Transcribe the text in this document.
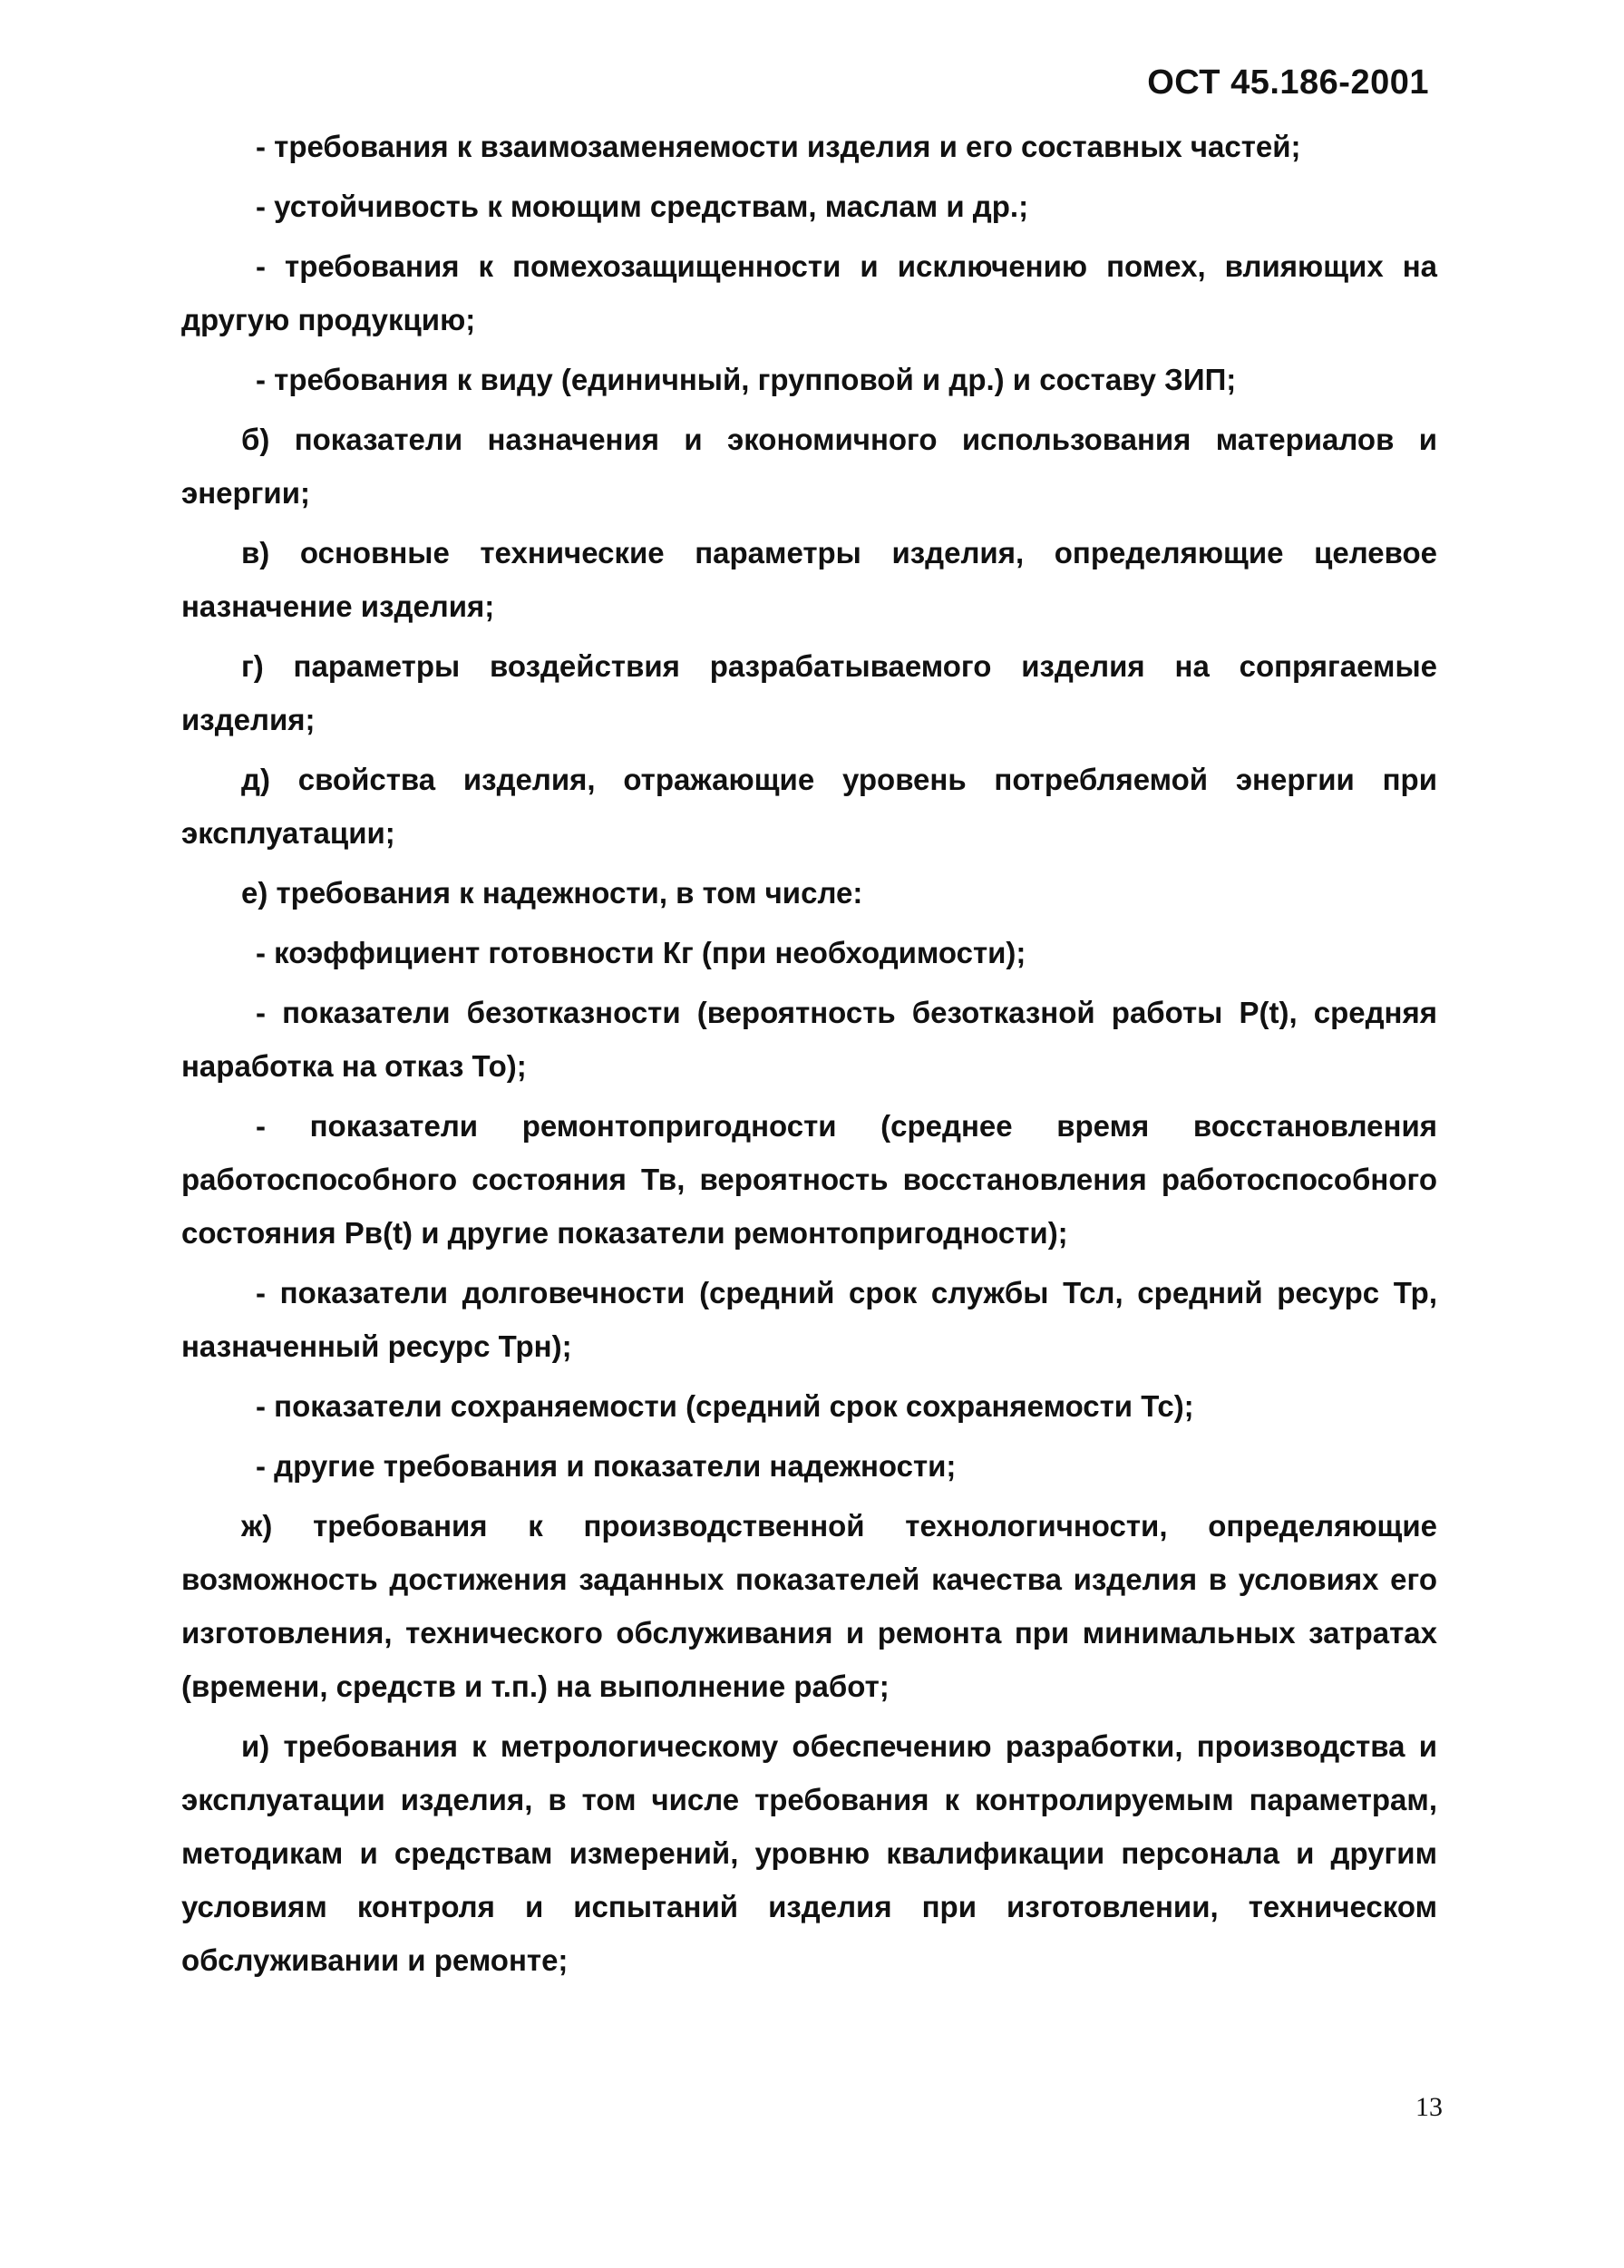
ОСТ 45.186-2001

- требования к взаимозаменяемости изделия и его составных частей;

- устойчивость к моющим средствам, маслам и др.;

- требования к помехозащищенности и исключению помех, влияющих на другую продукцию;

- требования к виду (единичный, групповой и др.) и составу ЗИП;

б) показатели назначения и экономичного использования материалов и энергии;

в) основные технические параметры изделия, определяющие целевое назначение изделия;

г) параметры воздействия разрабатываемого изделия на сопрягаемые изделия;

д) свойства изделия, отражающие уровень потребляемой энергии при эксплуатации;

е) требования к надежности, в том числе:

- коэффициент готовности Кг (при необходимости);

- показатели безотказности (вероятность безотказной работы Р(t), средняя наработка на отказ То);

- показатели ремонтопригодности (среднее время восстановления работоспособного состояния Тв, вероятность восстановления работоспособного состояния Рв(t) и другие показатели ремонтопригодности);

- показатели долговечности (средний срок службы Тсл, средний ресурс Тр, назначенный ресурс Трн);

- показатели сохраняемости (средний срок сохраняемости Тс);

- другие требования и показатели надежности;

ж) требования к производственной технологичности, определяющие возможность достижения заданных показателей качества изделия в условиях его изготовления, технического обслуживания и ремонта при минимальных затратах (времени, средств и т.п.) на выполнение работ;

и) требования к метрологическому обеспечению разработки, производства и эксплуатации изделия, в том числе требования к контролируемым параметрам, методикам и средствам измерений, уровню квалификации персонала и другим условиям контроля и испытаний изделия при изготовлении, техническом обслуживании и ремонте;

13
